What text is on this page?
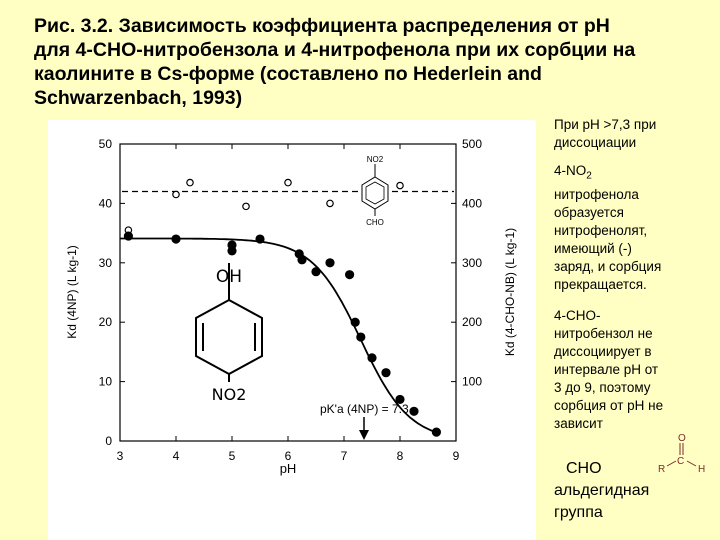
Рис. 3.2. Зависимость коэффициента распределения от pH
для 4-CHO-нитробензола и 4-нитрофенола при их сорбции на
каолините в Cs-форме (составлено по Hederlein and
Schwarzenbach, 1993)
3	4	5	6	7	8	9
0
10
20
30
40
50
100
200
300
400
500
pH
Kd (4NP) (L kg-1)	Kd (4-CHO-NB) (L kg-1)
pK'a (4NP) = 7.3
NO2
CHO
OH
NO2
При pH >7,3 при
диссоциации
$4-NO_2$
нитрофенола
образуется
нитрофенолят,
имеющий (-)
заряд, и сорбция
прекращается.
4-CHO-
нитробензол не
диссоциирует в
интервале pH от
3 до 9, поэтому
сорбция от pH не
зависит
CHO
альдегидная
группа
O
C
R	H
